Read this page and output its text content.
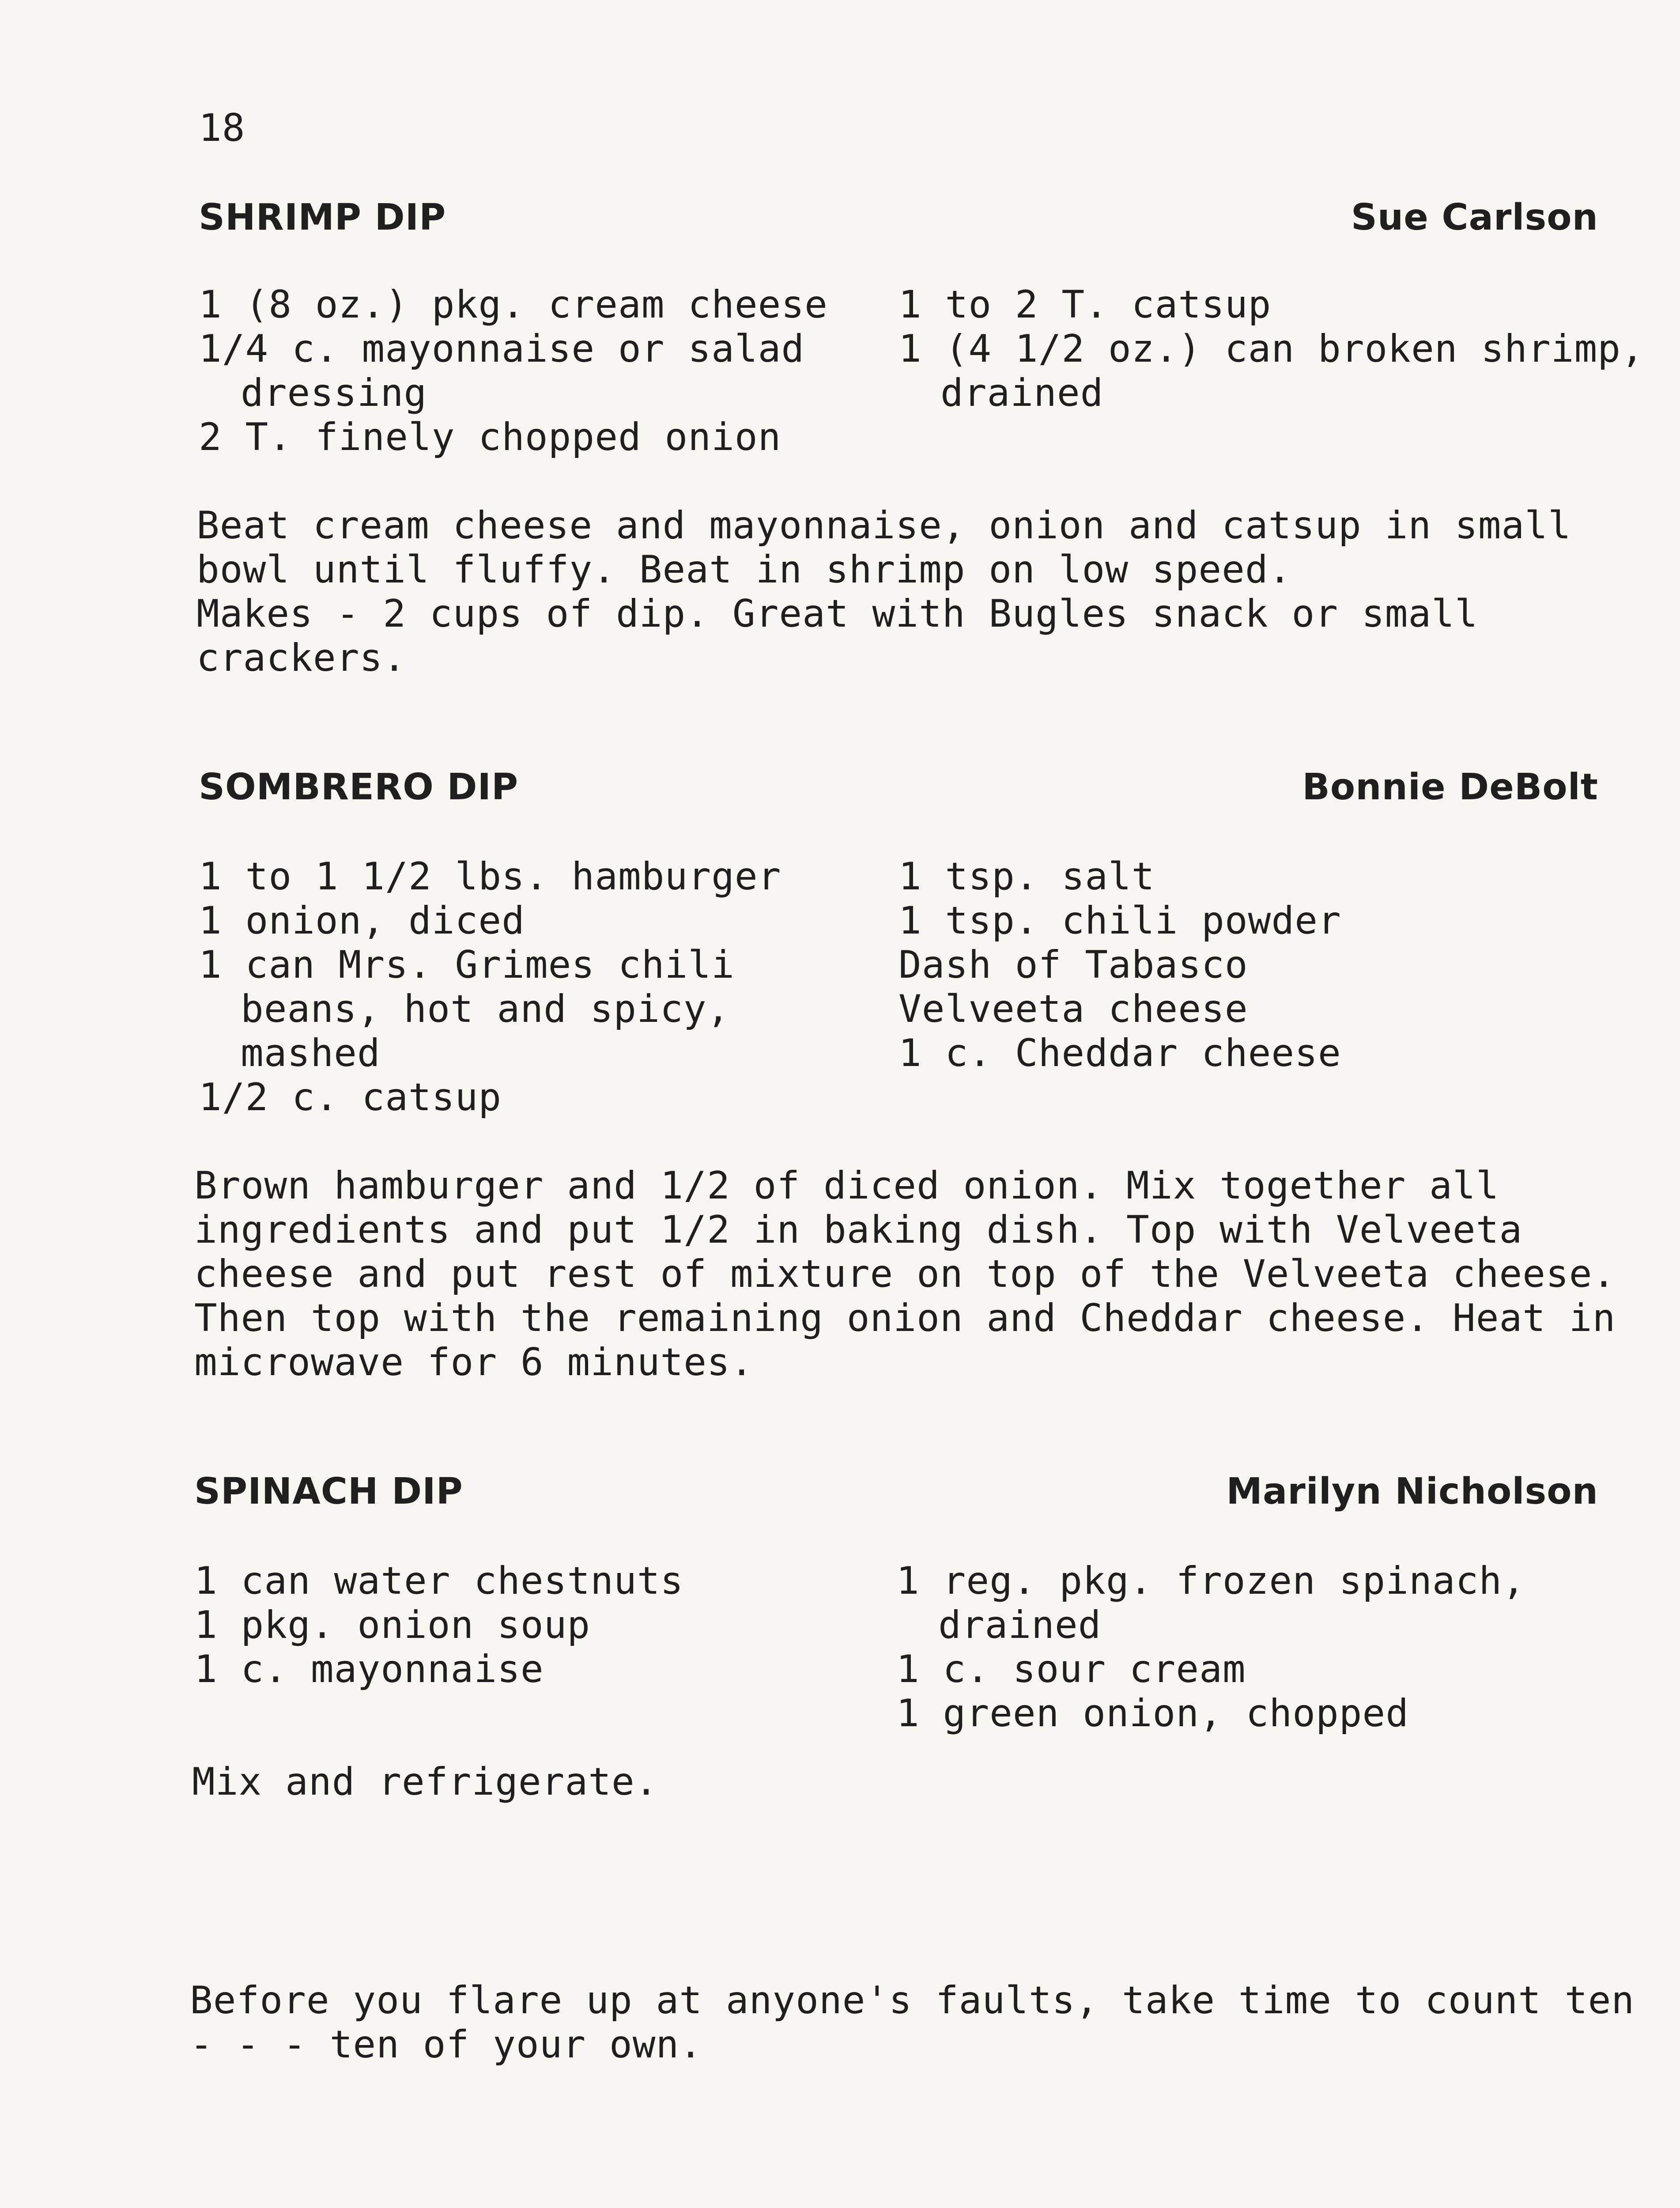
18
SHRIMP DIP	Sue Carlson
1 (8 oz.) pkg. cream cheese
1/4 c. mayonnaise or salad
dressing
2 T. finely chopped onion
1 to 2 T. catsup
1 (4 1/2 oz.) can broken shrimp,
drained
Beat cream cheese and mayonnaise, onion and catsup in small
bowl until fluffy. Beat in shrimp on low speed.
Makes - 2 cups of dip. Great with Bugles snack or small
crackers.
SOMBRERO DIP	Bonnie DeBolt
1 to 1 1/2 lbs. hamburger
1 onion, diced
1 can Mrs. Grimes chili
beans, hot and spicy,
mashed
1/2 c. catsup
1 tsp. salt
1 tsp. chili powder
Dash of Tabasco
Velveeta cheese
1 c. Cheddar cheese
Brown hamburger and 1/2 of diced onion. Mix together all
ingredients and put 1/2 in baking dish. Top with Velveeta
cheese and put rest of mixture on top of the Velveeta cheese.
Then top with the remaining onion and Cheddar cheese. Heat in
microwave for 6 minutes.
SPINACH DIP	Marilyn Nicholson
1 can water chestnuts
1 pkg. onion soup
1 c. mayonnaise
1 reg. pkg. frozen spinach,
drained
1 c. sour cream
1 green onion, chopped
Mix and refrigerate.
Before you flare up at anyone's faults, take time to count ten
- - - ten of your own.
